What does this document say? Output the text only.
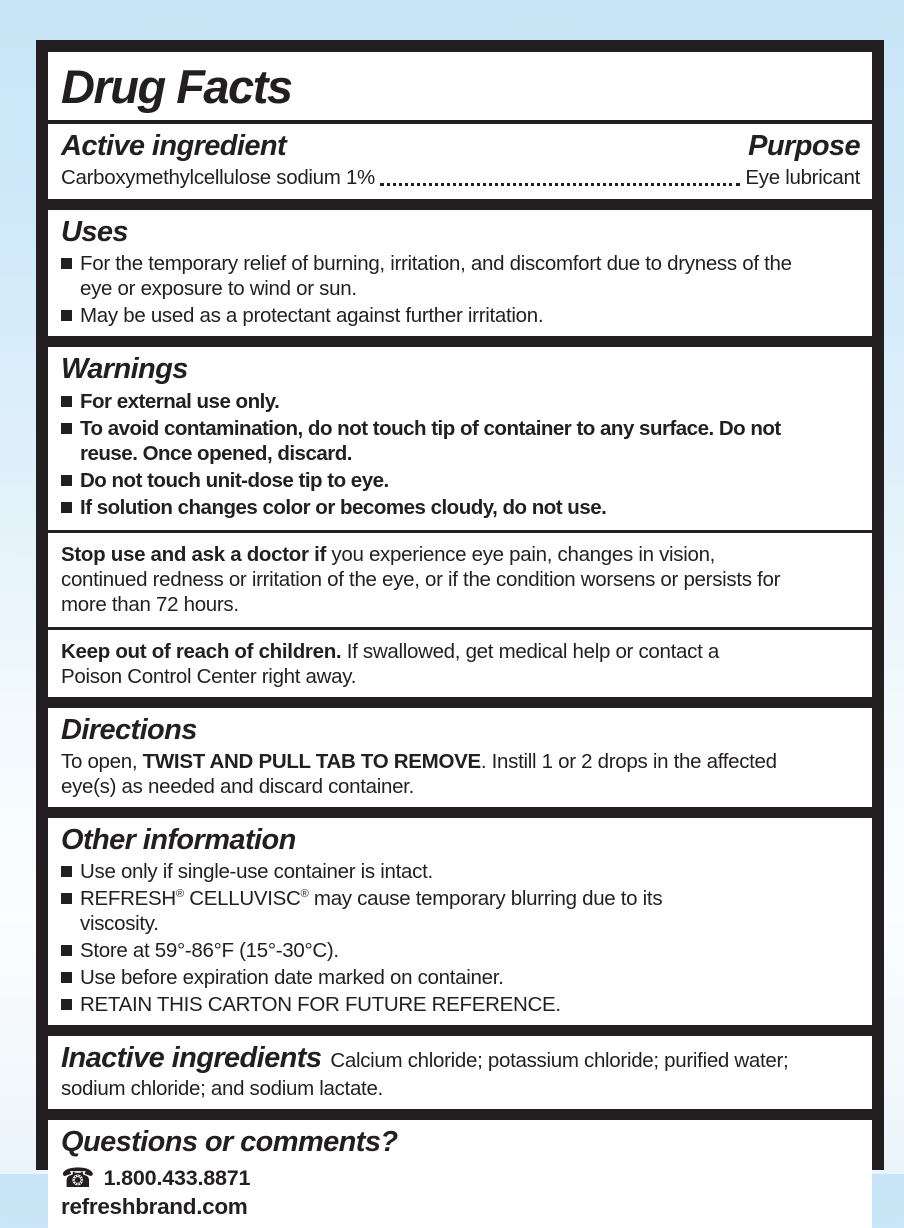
Drug Facts
Active ingredient	Purpose
Carboxymethylcellulose sodium 1%	Eye lubricant
Uses
For the temporary relief of burning, irritation, and discomfort due to dryness of the eye or exposure to wind or sun.
May be used as a protectant against further irritation.
Warnings
For external use only.
To avoid contamination, do not touch tip of container to any surface. Do not reuse. Once opened, discard.
Do not touch unit-dose tip to eye.
If solution changes color or becomes cloudy, do not use.

Stop use and ask a doctor if you experience eye pain, changes in vision, continued redness or irritation of the eye, or if the condition worsens or persists for more than 72 hours.

Keep out of reach of children. If swallowed, get medical help or contact a Poison Control Center right away.

Directions

To open, TWIST AND PULL TAB TO REMOVE. Instill 1 or 2 drops in the affected eye(s) as needed and discard container.

Other information
Use only if single-use container is intact.
REFRESH® CELLUVISC® may cause temporary blurring due to its viscosity.
Store at 59°-86°F (15°-30°C).
Use before expiration date marked on container.
RETAIN THIS CARTON FOR FUTURE REFERENCE.

Inactive ingredients Calcium chloride; potassium chloride; purified water; sodium chloride; and sodium lactate.

Questions or comments?
☎ 1.800.433.8871
refreshbrand.com
